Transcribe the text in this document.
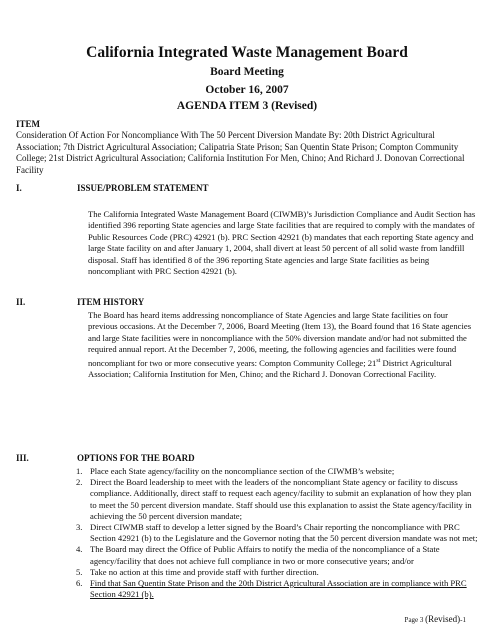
California Integrated Waste Management Board
Board Meeting
October 16, 2007
AGENDA ITEM 3 (Revised)
ITEM
Consideration Of Action For Noncompliance With The 50 Percent Diversion Mandate By: 20th District Agricultural Association; 7th District Agricultural Association; Calipatria State Prison; San Quentin State Prison; Compton Community College; 21st District Agricultural Association; California Institution For Men, Chino; And Richard J. Donovan Correctional Facility
I.	ISSUE/PROBLEM STATEMENT
The California Integrated Waste Management Board (CIWMB)’s Jurisdiction Compliance and Audit Section has identified 396 reporting State agencies and large State facilities that are required to comply with the mandates of Public Resources Code (PRC) 42921 (b). PRC Section 42921 (b) mandates that each reporting State agency and large State facility on and after January 1, 2004, shall divert at least 50 percent of all solid waste from landfill disposal. Staff has identified 8 of the 396 reporting State agencies and large State facilities as being noncompliant with PRC Section 42921 (b).
II.	ITEM HISTORY
The Board has heard items addressing noncompliance of State Agencies and large State facilities on four previous occasions. At the December 7, 2006, Board Meeting (Item 13), the Board found that 16 State agencies and large State facilities were in noncompliance with the 50% diversion mandate and/or had not submitted the required annual report. At the December 7, 2006, meeting, the following agencies and facilities were found noncompliant for two or more consecutive years: Compton Community College; 21st District Agricultural Association; California Institution for Men, Chino; and the Richard J. Donovan Correctional Facility.
III.	OPTIONS FOR THE BOARD
1. Place each State agency/facility on the noncompliance section of the CIWMB’s website;
2. Direct the Board leadership to meet with the leaders of the noncompliant State agency or facility to discuss compliance. Additionally, direct staff to request each agency/facility to submit an explanation of how they plan to meet the 50 percent diversion mandate. Staff should use this explanation to assist the State agency/facility in achieving the 50 percent diversion mandate;
3. Direct CIWMB staff to develop a letter signed by the Board’s Chair reporting the noncompliance with PRC Section 42921 (b) to the Legislature and the Governor noting that the 50 percent diversion mandate was not met;
4. The Board may direct the Office of Public Affairs to notify the media of the noncompliance of a State agency/facility that does not achieve full compliance in two or more consecutive years; and/or
5. Take no action at this time and provide staff with further direction.
6. Find that San Quentin State Prison and the 20th District Agricultural Association are in compliance with PRC Section 42921 (b).
Page 3 (Revised)-1
